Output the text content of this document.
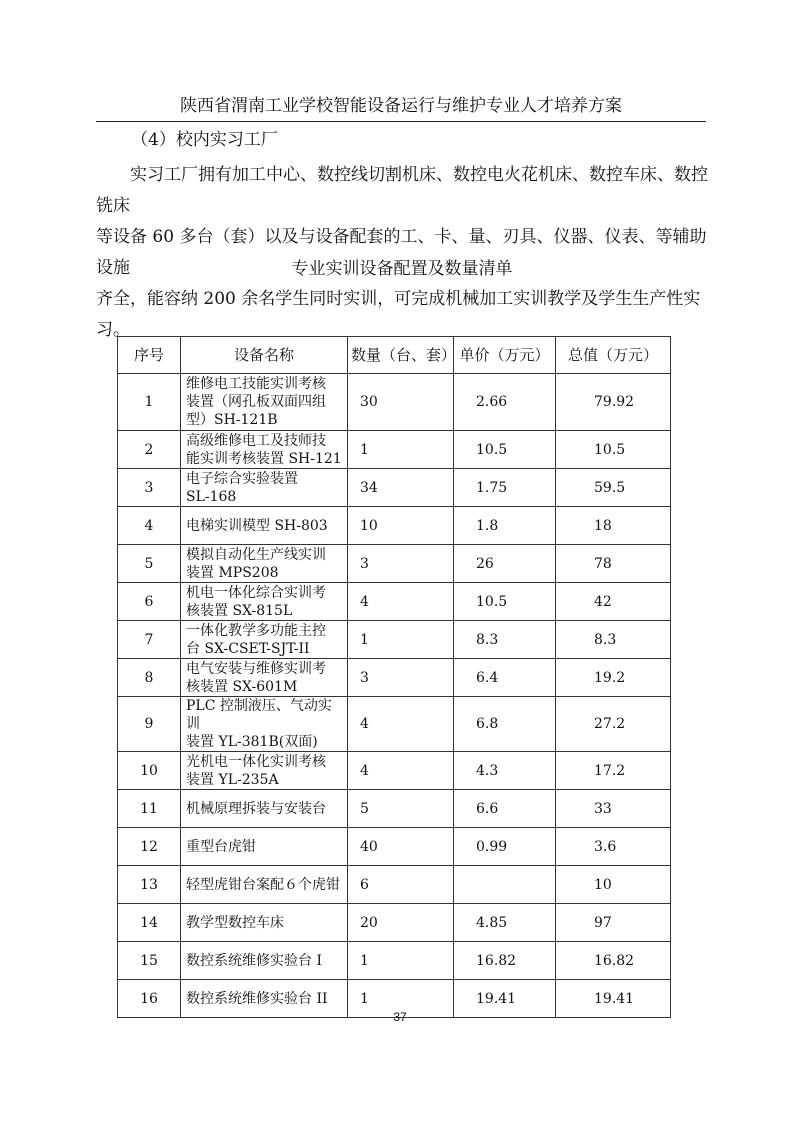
陕西省渭南工业学校智能设备运行与维护专业人才培养方案
（4）校内实习工厂

实习工厂拥有加工中心、数控线切割机床、数控电火花机床、数控车床、数控铣床

等设备 60 多台（套）以及与设备配套的工、卡、量、刃具、仪器、仪表、等辅助设施

齐全，能容纳 200 余名学生同时实训，可完成机械加工实训教学及学生生产性实习。

专业实训设备配置及数量清单
序号	设备名称	数量（台、套）	单价（万元）	总值（万元）
1	维修电工技能实训考核
装置（网孔板双面四组
型）SH-121B	30	2.66	79.92
2	高级维修电工及技师技
能实训考核装置 SH-121	1	10.5	10.5
3	电子综合实验装置
SL-168	34	1.75	59.5
4	电梯实训模型 SH-803	10	1.8	18
5	模拟自动化生产线实训
装置 MPS208	3	26	78
6	机电一体化综合实训考
核装置 SX-815L	4	10.5	42
7	一体化教学多功能主控
台 SX-CSET-SJT-II	1	8.3	8.3
8	电气安装与维修实训考
核装置 SX-601M	3	6.4	19.2
9	PLC 控制液压、气动实训
装置 YL-381B(双面)	4	6.8	27.2
10	光机电一体化实训考核
装置 YL-235A	4	4.3	17.2
11	机械原理拆装与安装台	5	6.6	33
12	重型台虎钳	40	0.99	3.6
13	轻型虎钳台案配６个虎钳	6		10
14	教学型数控车床	20	4.85	97
15	数控系统维修实验台 I	1	16.82	16.82
16	数控系统维修实验台 II	1	19.41	19.41
37
